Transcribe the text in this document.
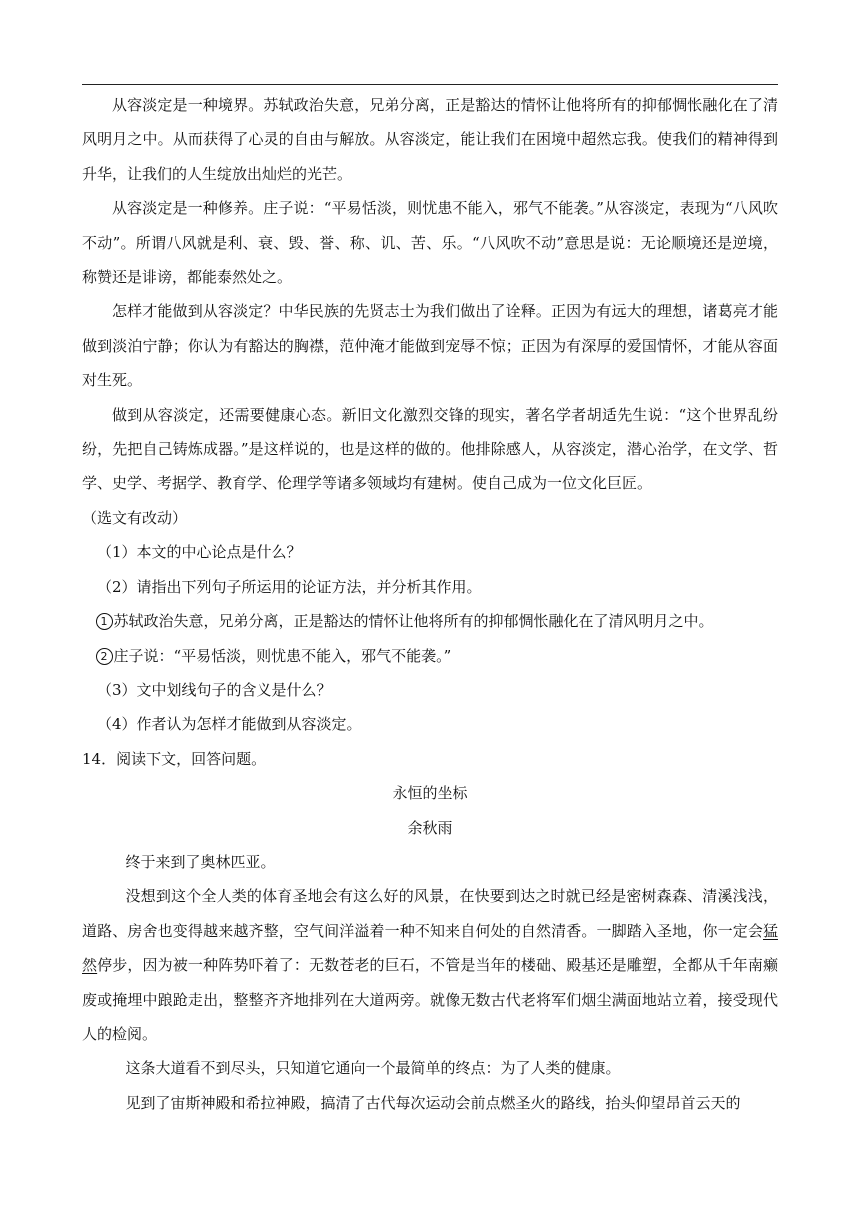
从容淡定是一种境界。苏轼政治失意，兄弟分离，正是豁达的情怀让他将所有的抑郁惆怅融化在了清风明月之中。从而获得了心灵的自由与解放。从容淡定，能让我们在困境中超然忘我。使我们的精神得到升华，让我们的人生绽放出灿烂的光芒。

从容淡定是一种修养。庄子说：“平易恬淡，则忧患不能入，邪气不能袭。”从容淡定，表现为“八风吹不动”。所谓八风就是利、衰、毁、誉、称、讥、苦、乐。“八风吹不动”意思是说：无论顺境还是逆境，称赞还是诽谤，都能泰然处之。

怎样才能做到从容淡定？中华民族的先贤志士为我们做出了诠释。正因为有远大的理想，诸葛亮才能做到淡泊宁静；你认为有豁达的胸襟，范仲淹才能做到宠辱不惊；正因为有深厚的爱国情怀，才能从容面对生死。

做到从容淡定，还需要健康心态。新旧文化激烈交锋的现实，著名学者胡适先生说：“这个世界乱纷纷，先把自己铸炼成器。”是这样说的，也是这样的做的。他排除感人，从容淡定，潜心治学，在文学、哲学、史学、考据学、教育学、伦理学等诸多领域均有建树。使自己成为一位文化巨匠。

（选文有改动）

（1）本文的中心论点是什么？

（2）请指出下列句子所运用的论证方法，并分析其作用。

1 苏轼政治失意，兄弟分离，正是豁达的情怀让他将所有的抑郁惆怅融化在了清风明月之中。

2 庄子说：“平易恬淡，则忧患不能入，邪气不能袭。”

（3）文中划线句子的含义是什么？

（4）作者认为怎样才能做到从容淡定。

14．阅读下文，回答问题。

永恒的坐标

余秋雨

终于来到了奥林匹亚。

没想到这个全人类的体育圣地会有这么好的风景，在快要到达之时就已经是密树森森、清溪浅浅，道路、房舍也变得越来越齐整，空气间洋溢着一种不知来自何处的自然清香。一脚踏入圣地，你一定会猛然停步，因为被一种阵势吓着了：无数苍老的巨石，不管是当年的楼础、殿基还是雕塑，全都从千年南癞废或掩埋中踉跄走出，整整齐齐地排列在大道两旁。就像无数古代老将军们烟尘满面地站立着，接受现代人的检阅。

这条大道看不到尽头，只知道它通向一个最简单的终点：为了人类的健康。

见到了宙斯神殿和希拉神殿，搞清了古代每次运动会前点燃圣火的路线，抬头仰望昂首云天的
